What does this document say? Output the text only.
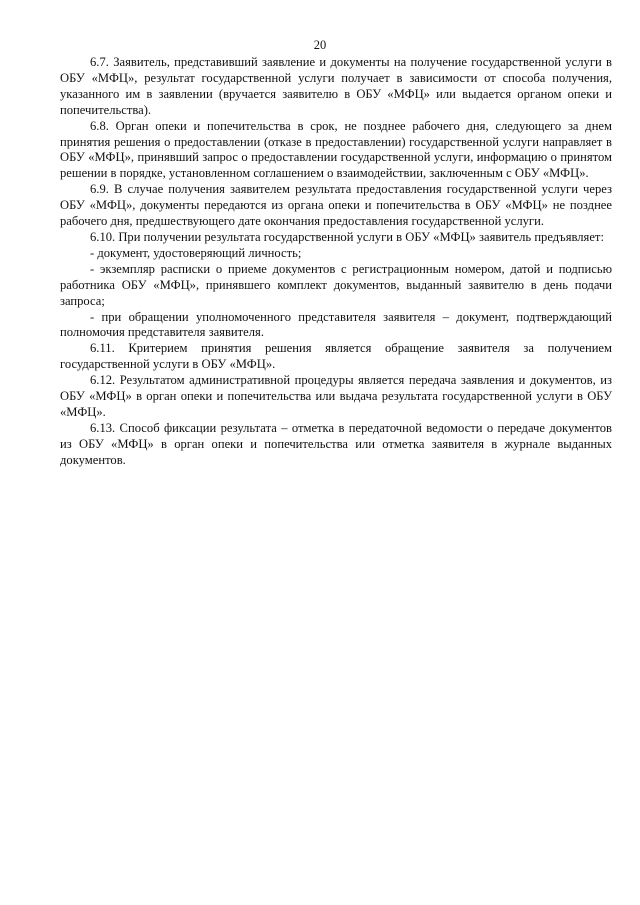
20

6.7. Заявитель, представивший заявление и документы на получение государственной услуги в ОБУ «МФЦ», результат государственной услуги получает в зависимости от способа получения, указанного им в заявлении (вручается заявителю в ОБУ «МФЦ» или выдается органом опеки и попечительства).

6.8. Орган опеки и попечительства в срок, не позднее рабочего дня, следующего за днем принятия решения о предоставлении (отказе в предоставлении) государственной услуги направляет в ОБУ «МФЦ», принявший запрос о предоставлении государственной услуги, информацию о принятом решении в порядке, установленном соглашением о взаимодействии, заключенным с ОБУ «МФЦ».

6.9. В случае получения заявителем результата предоставления государственной услуги через ОБУ «МФЦ», документы передаются из органа опеки и попечительства в ОБУ «МФЦ» не позднее рабочего дня, предшествующего дате окончания предоставления государственной услуги.

6.10. При получении результата государственной услуги в ОБУ «МФЦ» заявитель предъявляет:

- документ, удостоверяющий личность;

- экземпляр расписки о приеме документов с регистрационным номером, датой и подписью работника ОБУ «МФЦ», принявшего комплект документов, выданный заявителю в день подачи запроса;

- при обращении уполномоченного представителя заявителя – документ, подтверждающий полномочия представителя заявителя.

6.11. Критерием принятия решения является обращение заявителя за получением государственной услуги в ОБУ «МФЦ».

6.12. Результатом административной процедуры является передача заявления и документов, из ОБУ «МФЦ» в орган опеки и попечительства или выдача результата государственной услуги в ОБУ «МФЦ».

6.13. Способ фиксации результата – отметка в передаточной ведомости о передаче документов из ОБУ «МФЦ» в орган опеки и попечительства или отметка заявителя в журнале выданных документов.
